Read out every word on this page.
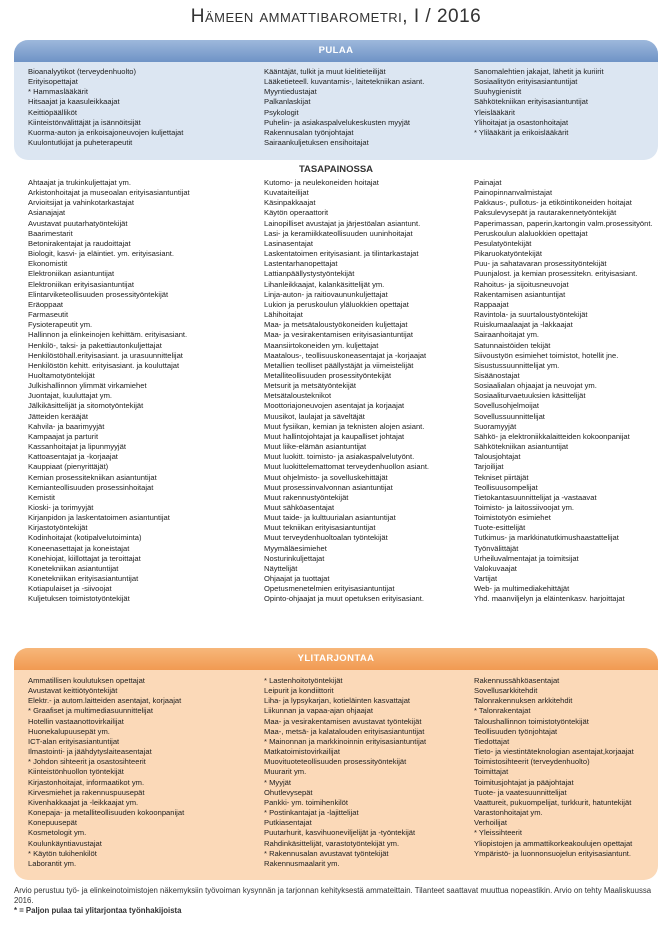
Hämeen ammattibarometri, I / 2016
PULAA
Bioanalyytikot (terveydenhuolto)
Erityisopettajat
* Hammaslääkärit
Hitsaajat ja kaasuleikkaajat
Keittiöpäälliköt
Kiinteistönvälittäjät ja isännöitsijät
Kuorma-auton ja erikoisajoneuvojen kuljettajat
Kuulontutkijat ja puheterapeutit
Kääntäjät, tulkit ja muut kielitieteilijät
Lääketieteell. kuvantamis-, laitetekniikan asiant.
Myyntiedustajat
Palkanlaskijat
Psykologit
Puhelin- ja asiakaspalvelukeskusten myyjät
Rakennusalan työnjohtajat
Sairaankuljetuksen ensihoitajat
Sanomalehtien jakajat, lähetit ja kuriirit
Sosiaalityön erityisasiantuntijat
Suuhygienistit
Sähkötekniikan erityisasiantuntijat
Yleislääkärit
Ylihoitajat ja osastonhoitajat
* Ylilääkärit ja erikoislääkärit
TASAPAINOSSA
Ahtaajat ja trukinkuljettajat ym.
Arkistonhoitajat ja museoalan erityisasiantuntijat
Arvioitsijat ja vahinkotarkastajat
Asianajajat
Avustavat puutarhatyöntekijät
Baarimestarit
Betonirakentajat ja raudoittajat
Biologit, kasvi- ja eläintiet. ym. erityisasiant.
Ekonomistit
Elektroniikan asiantuntijat
Elektroniikan erityisasiantuntijat
Elintarviketeollisuuden prosessityöntekijät
Eräoppaat
Farmaseutit
Fysioterapeutit ym.
Hallinnon ja elinkeinojen kehittäm. erityisasiant.
Henkilö-, taksi- ja pakettiautonkuljettajat
Henkilöstöhall.erityisasiant. ja urasuunnittelijat
Henkilöstön kehitt. erityisasiant. ja kouluttajat
Huoltamotyöntekijät
Julkishallinnon ylimmät virkamiehet
Juontajat, kuuluttajat ym.
Jälkikäsittelijät ja sitomotyöntekijät
Jätteiden kerääjät
Kahvila- ja baarimyyjät
Kampaajat ja parturit
Kassanhoitajat ja lipunmyyjät
Kattoasentajat ja -korjaajat
Kauppiaat (pienyrittäjät)
Kemian prosessitekniikan asiantuntijat
Kemianteollisuuden prosessinhoitajat
Kemistit
Kioski- ja torimyyjät
Kirjanpidon ja laskentatoimen asiantuntijat
Kirjastotyöntekijät
Kodinhoitajat (kotipalvelutoiminta)
Koneenasettajat ja koneistajat
Konehiojat, kiillottajat ja teroittajat
Konetekniikan asiantuntijat
Konetekniikan erityisasiantuntijat
Kotiapulaiset ja -siivoojat
Kuljetuksen toimistotyöntekijät
Kutomo- ja neulekoneiden hoitajat
Kuvataiteilijat
Käsinpakkaajat
Käytön operaattorit
Lainopilliset avustajat ja järjestöalan asiantunt.
Lasi- ja keramiikkateollisuuden uuninhoitajat
Lasinasentajat
Laskentatoimen erityisasiant. ja tilintarkastajat
Lastentarhanopettajat
Lattianpäällystystyöntekijät
Lihanleikkaajat, kalankäsittelijät ym.
Linja-auton- ja raitiovaununkuljettajat
Lukion ja peruskoulun yläluokkien opettajat
Lähihoitajat
Maa- ja metsätaloustyökoneiden kuljettajat
Maa- ja vesirakentamisen erityisasiantuntijat
Maansiirtokoneiden ym. kuljettajat
Maatalous-, teollisuuskoneasentajat ja -korjaajat
Metallien teolliset päällystäjät ja viimeistelijät
Metalliteollisuuden prosessityöntekijät
Metsurit ja metsätyöntekijät
Metsätalousteknikot
Moottoriajoneuvojen asentajat ja korjaajat
Muusikot, laulajat ja säveltäjät
Muut fysiikan, kemian ja teknisten alojen asiant.
Muut hallintojohtajat ja kaupalliset johtajat
Muut liike-elämän asiantuntijat
Muut luokitt. toimisto- ja asiakaspalvelutyönt.
Muut luokittelemattomat terveydenhuollon asiant.
Muut ohjelmisto- ja sovelluskehittäjät
Muut prosessinvalvonnan asiantuntijat
Muut rakennustyöntekijät
Muut sähköasentajat
Muut taide- ja kulttuurialan asiantuntijat
Muut tekniikan erityisasiantuntijat
Muut terveydenhuoltoalan työntekijät
Myymäläesimiehet
Nosturinkuljettajat
Näyttelijät
Ohjaajat ja tuottajat
Opetusmenetelmien erityisasiantuntijat
Opinto-ohjaajat ja muut opetuksen erityisasiant.
Painajat
Painopinnanvalmistajat
Pakkaus-, pullotus- ja etiköintikoneiden hoitajat
Paksulevysepät ja rautarakennetyöntekijät
Paperimassan, paperin,kartongin valm.prosessityönt.
Peruskoulun alaluokkien opettajat
Pesulatyöntekijät
Pikaruokatyöntekijät
Puu- ja sahatavaran prosessityöntekijät
Puunjalost. ja kemian prosessitekn. erityisasiant.
Rahoitus- ja sijoitusneuvojat
Rakentamisen asiantuntijat
Rappaajat
Ravintola- ja suurtaloustyöntekijät
Ruiskumaalaajat ja -lakkaajat
Sairaanhoitajat ym.
Satunnaistöiden tekijät
Siivoustyön esimiehet toimistot, hotellit jne.
Sisustussuunnittelijat ym.
Sisäänostajat
Sosiaalialan ohjaajat ja neuvojat ym.
Sosiaaliturvaetuuksien käsittelijät
Sovellusohjelmoijat
Sovellussuunnittelijat
Suoramyyjät
Sähkö- ja elektroniikkalaitteiden kokoonpanijat
Sähkötekniikan asiantuntijat
Talousjohtajat
Tarjoilijat
Tekniset piirtäjät
Teollisuusompelijat
Tietokantasuunnittelijat ja -vastaavat
Toimisto- ja laitossiivoojat ym.
Toimistotyön esimiehet
Tuote-esittelijät
Tutkimus- ja markkinatutkimushaastattelijat
Työnvälittäjät
Urheiluvalmentajat ja toimitsijat
Valokuvaajat
Vartijat
Web- ja multimediakehittäjät
Yhd. maanviljelyn ja eläintenkasv. harjoittajat
YLITARJONTAA
Ammatillisen koulutuksen opettajat
Avustavat keittiötyöntekijät
Elektr.- ja autom.laitteiden asentajat, korjaajat
* Graafiset ja multimediasuunnittelijat
Hotellin vastaanottovirkailijat
Huonekalupuusepät ym.
ICT-alan erityisasiantuntijat
Ilmastointi- ja jäähdytyslaiteasentajat
* Johdon sihteerit ja osastosihteerit
Kiinteistönhuollon työntekijät
Kirjastonhoitajat, informaatikot ym.
Kirvesmiehet ja rakennuspuusepät
Kivenhakkaajat ja -leikkaajat ym.
Konepaja- ja metalliteollisuuden kokoonpanijat
Konepuusepät
Kosmetologit ym.
Koulunkäyntiavustajat
* Käytön tukihenkilöt
Laborantit ym.
* Lastenhoitotyöntekijät
Leipurit ja kondiittorit
Liha- ja lypsykarjan, kotieläinten kasvattajat
Liikunnan ja vapaa-ajan ohjaajat
Maa- ja vesirakentamisen avustavat työntekijät
Maa-, metsä- ja kalatalouden erityisasiantuntijat
* Mainonnan ja markkinoinnin erityisasiantuntijat
Matkatoimistovirkailijat
Muovituoteteollisuuden prosessityöntekijät
Muurarit ym.
* Myyjät
Ohutlevysepät
Pankki- ym. toimihenkilöt
* Postinkantajat ja -lajittelijat
Putkiasentajat
Puutarhurit, kasvihuoneviljelijät ja -työntekijät
Rahdinkäsittelijät, varastotyöntekijät ym.
* Rakennusalan avustavat työntekijät
Rakennusmaalarit ym.
Rakennussähköasentajat
Sovellusarkkitehdit
Talonrakennuksen arkkitehdit
* Talonrakentajat
Taloushallinnon toimistotyöntekijät
Teollisuuden työnjohtajat
Tiedottajat
Tieto- ja viestintäteknologian asentajat,korjaajat
Toimistosihteerit (terveydenhuolto)
Toimittajat
Toimitusjohtajat ja pääjohtajat
Tuote- ja vaatesuunnittelijat
Vaattureit, pukuompelijat, turkkurit, hatuntekijät
Varastonhoitajat ym.
Verhoilijat
* Yleissihteerit
Yliopistojen ja ammattikorkeakoulujen opettajat
Ympäristö- ja luonnonsuojelun erityisasiantunt.
Arvio perustuu työ- ja elinkeinotoimistojen näkemyksiin työvoiman kysynnän ja tarjonnan kehityksestä ammateittain. Tilanteet saattavat muuttua nopeastikin. Arvio on tehty Maaliskuussa 2016.
* = Paljon pulaa tai ylitarjontaa työnhakijoista
